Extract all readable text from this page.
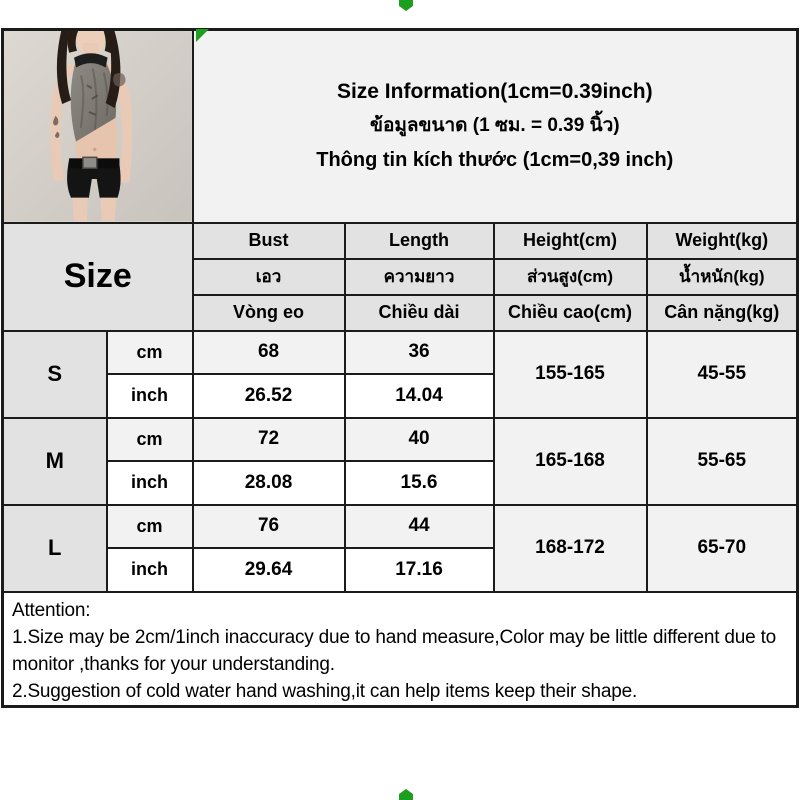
Size Information(1cm=0.39inch)
ข้อมูลขนาด (1 ซม. = 0.39 นิ้ว)
Thông tin kích thước (1cm=0,39 inch)			

Size		Bust	Length	Height(cm)	Weight(kg)
		เอว	ความยาว	ส่วนสูง(cm)	น้ำหนัก(kg)
		Vòng eo	Chiều dài	Chiều cao(cm)	Cân nặng(kg)
S	cm	68	36	155-165	45-55
	inch	26.52	14.04		
M	cm	72	40	165-168	55-65
	inch	28.08	15.6		
L	cm	76	44	168-172	65-70
	inch	29.64	17.16		

Attention:
1.Size may be 2cm/1inch inaccuracy due to hand measure,Color may be little different due to monitor ,thanks for your understanding.
2.Suggestion of cold water hand washing,it can help items keep their shape.					
